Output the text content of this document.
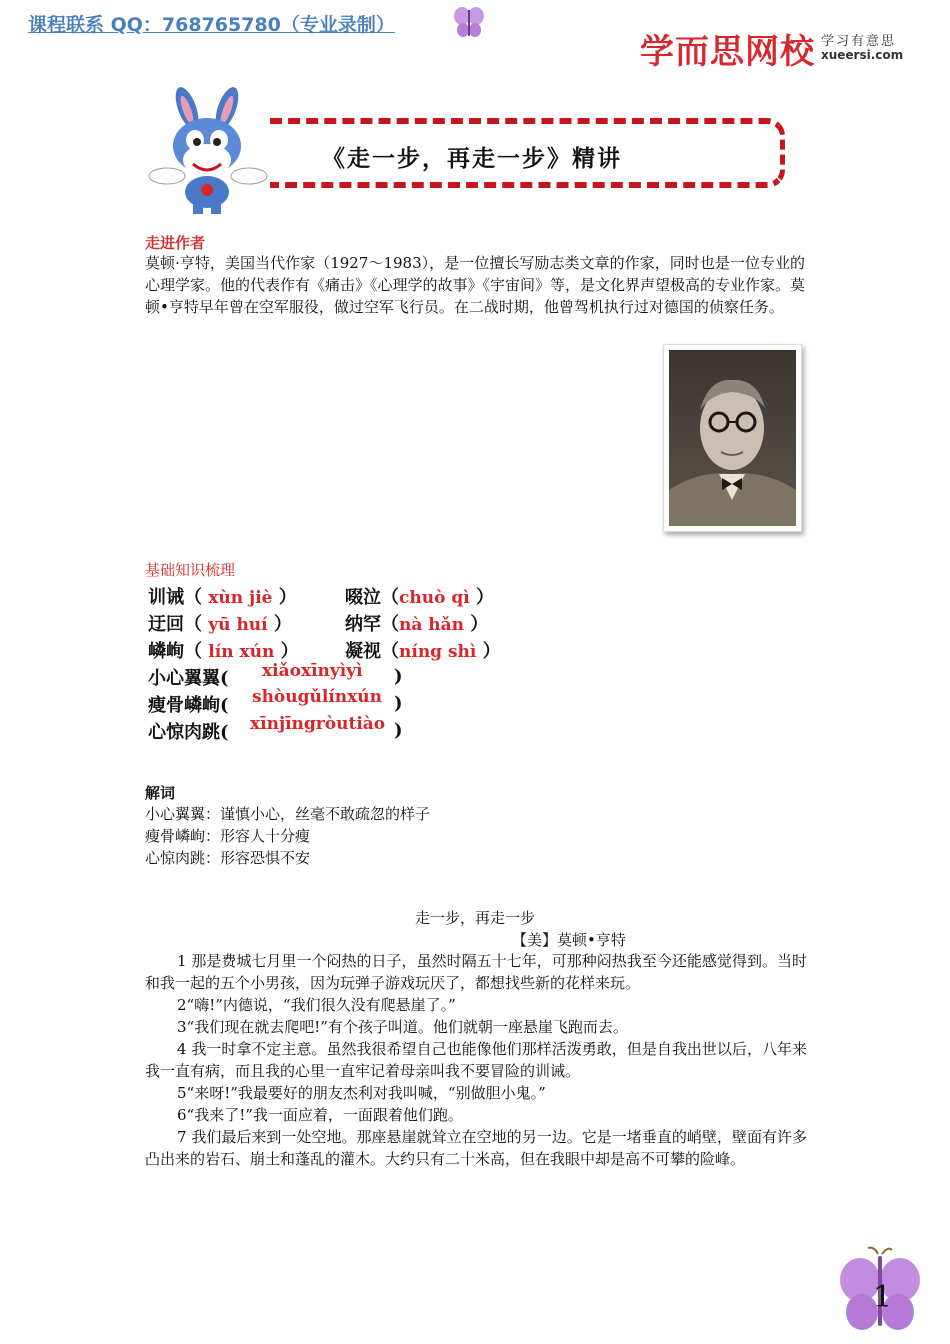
课程联系 QQ：768765780（专业录制）
学而思网校 学习有意思
xueersi.com
《走一步，再走一步》精讲
走进作者
莫顿·亨特，美国当代作家（1927～1983），是一位擅长写励志类文章的作家，同时也是一位专业的心理学家。他的代表作有《痛击》《心理学的故事》《宇宙间》等，是文化界声望极高的专业作家。莫顿•亨特早年曾在空军服役，做过空军飞行员。在二战时期，他曾驾机执行过对德国的侦察任务。
基础知识梳理
训诫（ xùn jiè ）	啜泣（chuò qì ）
迂回（ yū huí ）	纳罕（nà hǎn ）
嶙峋（ lín xún ）	凝视（níng shì ）
小心翼翼( xiǎoxīnyìyì )
瘦骨嶙峋( shòugǔlínxún )
心惊肉跳( xīnjīngròutiào )
解词
小心翼翼：谨慎小心，丝毫不敢疏忽的样子
瘦骨嶙峋：形容人十分瘦
心惊肉跳：形容恐惧不安
走一步，再走一步
【美】莫顿•亨特

1 那是费城七月里一个闷热的日子，虽然时隔五十七年，可那种闷热我至今还能感觉得到。当时和我一起的五个小男孩，因为玩弹子游戏玩厌了，都想找些新的花样来玩。

2“嗨!”内德说，“我们很久没有爬悬崖了。”

3“我们现在就去爬吧!”有个孩子叫道。他们就朝一座悬崖飞跑而去。

4 我一时拿不定主意。虽然我很希望自己也能像他们那样活泼勇敢，但是自我出世以后，八年来我一直有病，而且我的心里一直牢记着母亲叫我不要冒险的训诫。

5“来呀!”我最要好的朋友杰利对我叫喊，“别做胆小鬼。”

6“我来了!”我一面应着，一面跟着他们跑。

7 我们最后来到一处空地。那座悬崖就耸立在空地的另一边。它是一堵垂直的峭壁，壁面有许多凸出来的岩石、崩土和蓬乱的灌木。大约只有二十米高，但在我眼中却是高不可攀的险峰。

1
